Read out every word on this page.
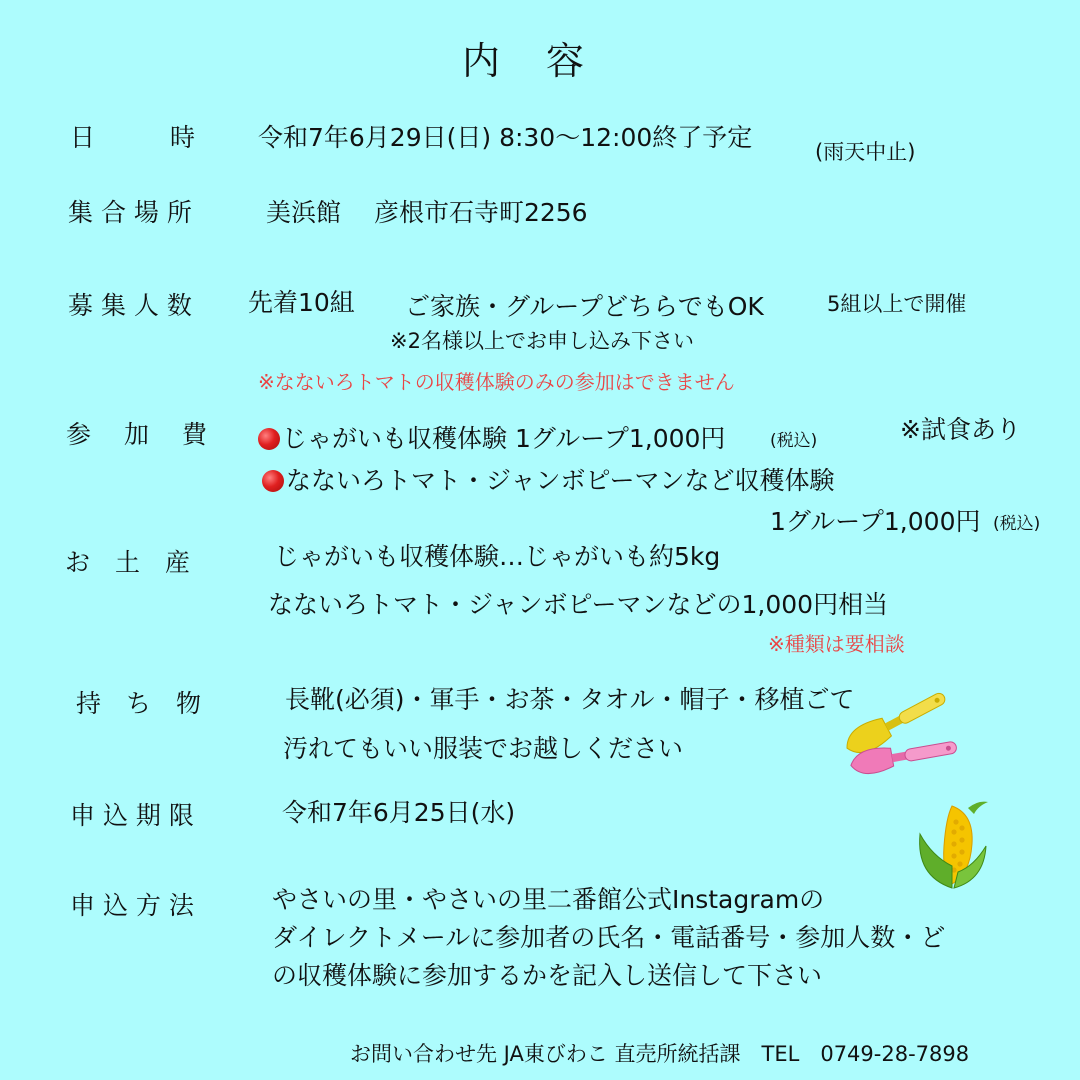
内　容
日　　　時	令和7年6月29日(日) 8:30〜12:00終了予定	(雨天中止)
集 合 場 所	美浜館　 彦根市石寺町2256
募 集 人 数 先着10組 ご家族・グループどちらでもOK	5組以上で開催
※2名様以上でお申し込み下さい
※なないろトマトの収穫体験のみの参加はできません
参　 加 　費	じゃがいも収穫体験 1グループ1,000円	(税込)	※試食あり
なないろトマト・ジャンボピーマンなど収穫体験
1グループ1,000円 (税込)
お　土　産	じゃがいも収穫体験…じゃがいも約5kg
なないろトマト・ジャンボピーマンなどの1,000円相当
※種類は要相談
持　ち　物	長靴(必須)・軍手・お茶・タオル・帽子・移植ごて
汚れてもいい服装でお越しください
申 込 期 限	令和7年6月25日(水)
申 込 方 法	やさいの里・やさいの里二番館公式Instagramの
ダイレクトメールに参加者の氏名・電話番号・参加人数・ど
の収穫体験に参加するかを記入し送信して下さい
お問い合わせ先 JA東びわこ 直売所統括課　TEL　0749-28-7898
